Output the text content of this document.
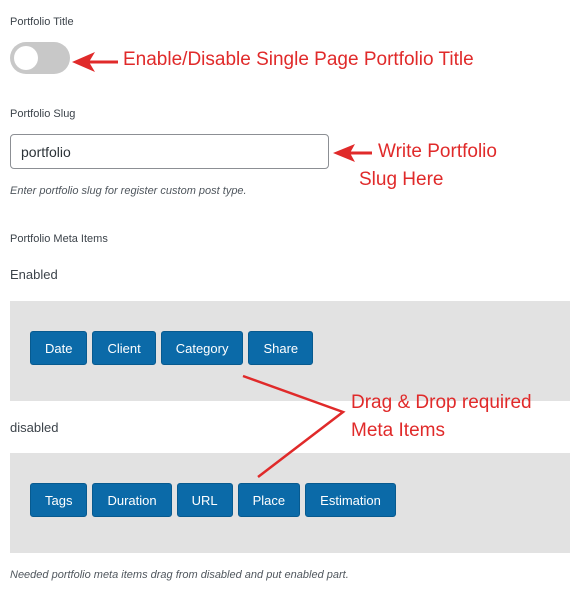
Portfolio Title
Portfolio Slug
portfolio
Enter portfolio slug for register custom post type.
Portfolio Meta Items
Enabled
Date	Client	Category	Share
disabled
Tags	Duration	URL	Place	Estimation
Needed portfolio meta items drag from disabled and put enabled part.
Enable/Disable Single Page Portfolio Title
Write Portfolio
Slug Here
Drag & Drop required
Meta Items
